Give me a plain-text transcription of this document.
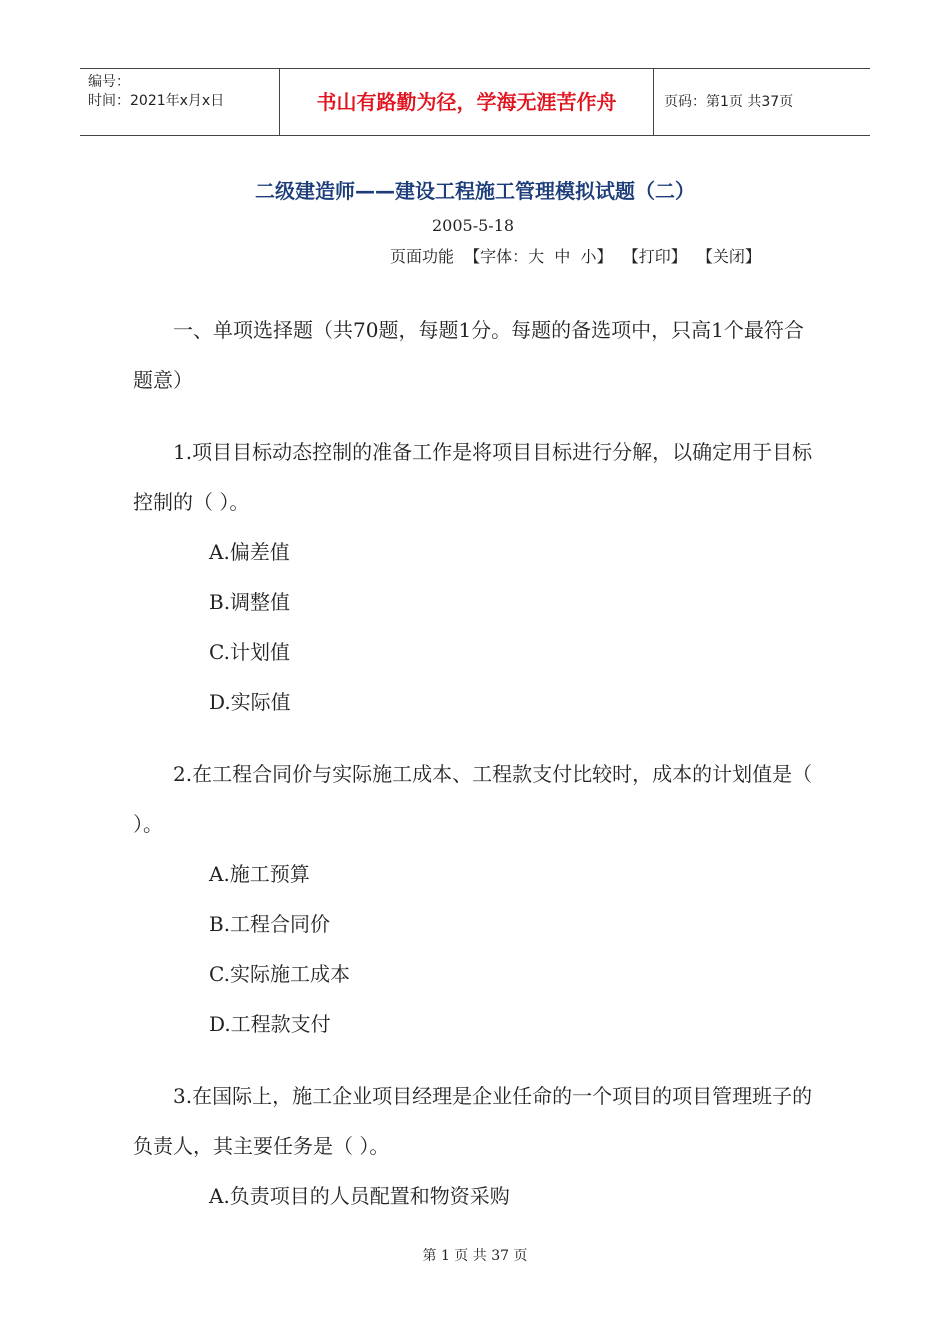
编号：
时间：2021年x月x日	书山有路勤为径，学海无涯苦作舟	页码：第1页 共37页
二级建造师——建设工程施工管理模拟试题（二）
2005-5-18
页面功能  【字体：大  中  小】  【打印】  【关闭】

一、单项选择题（共70题，每题1分。每题的备选项中，只高1个最符合题意）

1.项目目标动态控制的准备工作是将项目目标进行分解，以确定用于目标控制的（ ）。

A.偏差值

B.调整值

C.计划值

D.实际值

2.在工程合同价与实际施工成本、工程款支付比较时，成本的计划值是（ ）。

A.施工预算

B.工程合同价

C.实际施工成本

D.工程款支付

3.在国际上，施工企业项目经理是企业任命的一个项目的项目管理班子的负责人，其主要任务是（ ）。

A.负责项目的人员配置和物资采购

第 1 页 共 37 页
